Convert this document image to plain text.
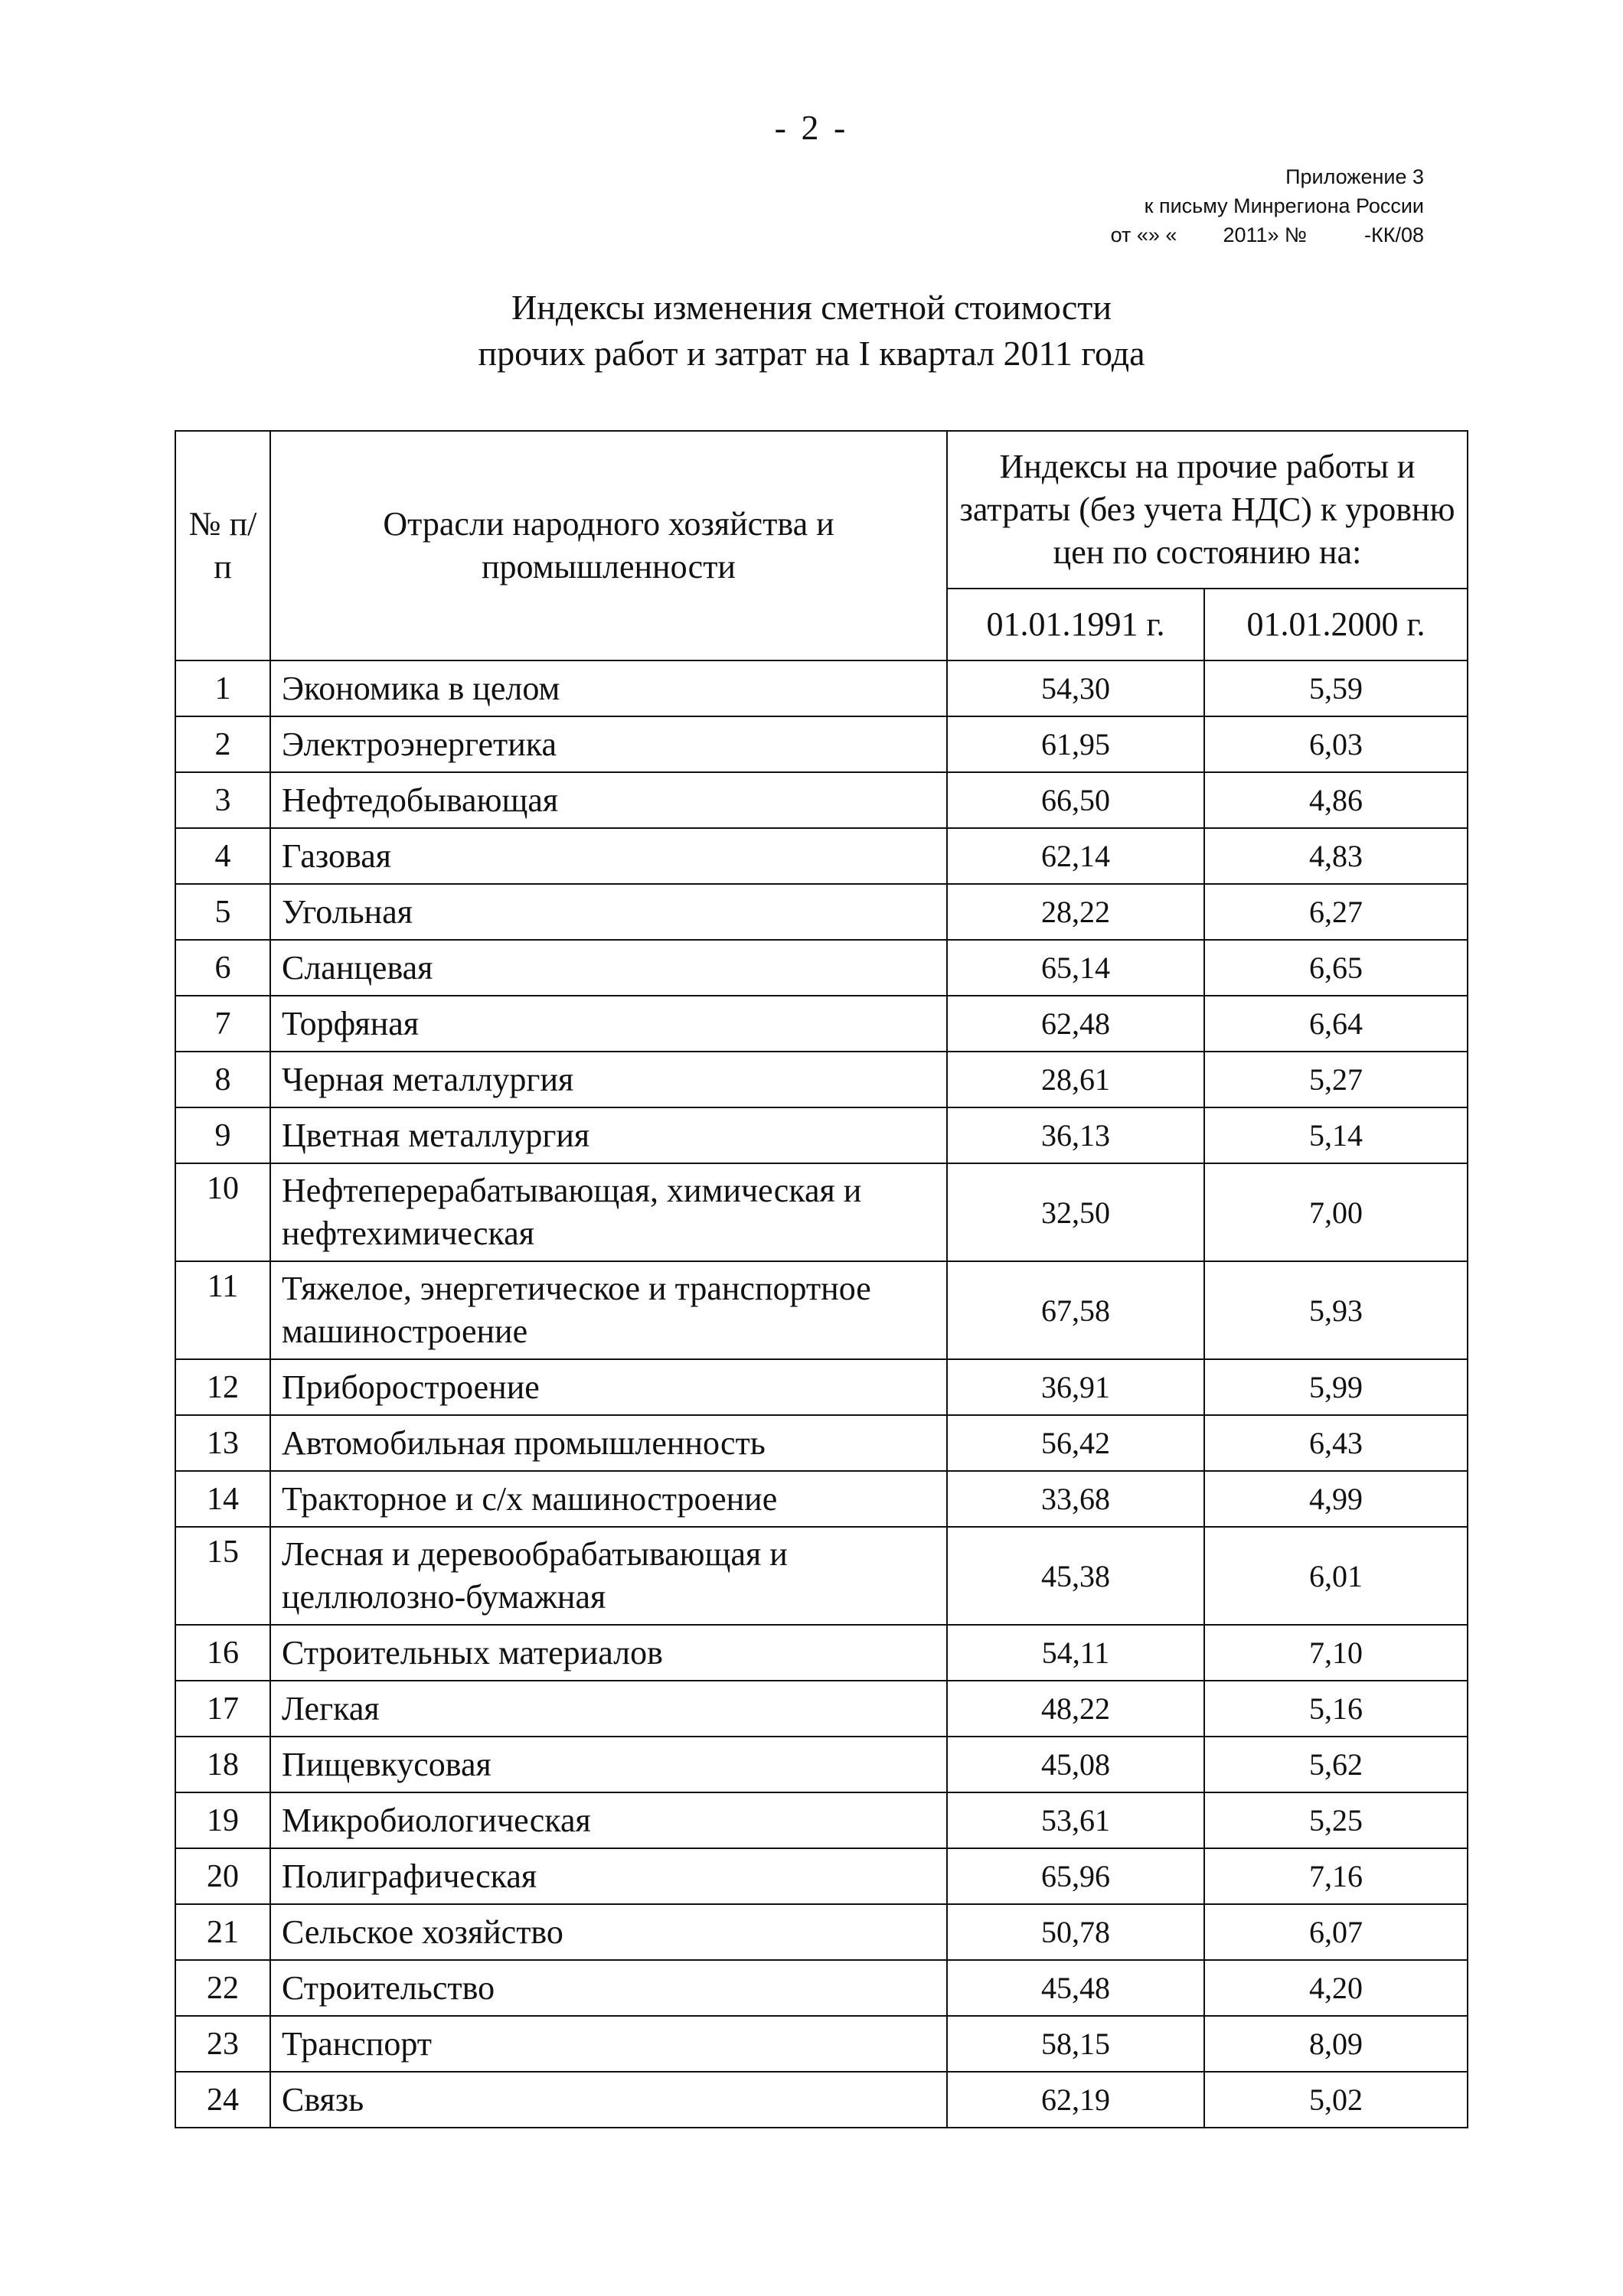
- 2 -
Приложение 3
к письму Минрегиона России
от «» «
2011» №
	-КК/08
Индексы изменения сметной стоимости
прочих работ и затрат на I квартал 2011 года
№ п/п	Отрасли народного хозяйства и промышленности	Индексы на прочие работы и затраты (без учета НДС) к уровню цен по состоянию на:	
		01.01.1991 г.	01.01.2000 г.
1	Экономика в целом	54,30	5,59
2	Электроэнергетика	61,95	6,03
3	Нефтедобывающая	66,50	4,86
4	Газовая	62,14	4,83
5	Угольная	28,22	6,27
6	Сланцевая	65,14	6,65
7	Торфяная	62,48	6,64
8	Черная металлургия	28,61	5,27
9	Цветная металлургия	36,13	5,14
10	Нефтеперерабатывающая, химическая и нефтехимическая	32,50	7,00
11	Тяжелое, энергетическое и транспортное машиностроение	67,58	5,93
12	Приборостроение	36,91	5,99
13	Автомобильная промышленность	56,42	6,43
14	Тракторное и с/х машиностроение	33,68	4,99
15	Лесная и деревообрабатывающая и целлюлозно-бумажная	45,38	6,01
16	Строительных материалов	54,11	7,10
17	Легкая	48,22	5,16
18	Пищевкусовая	45,08	5,62
19	Микробиологическая	53,61	5,25
20	Полиграфическая	65,96	7,16
21	Сельское хозяйство	50,78	6,07
22	Строительство	45,48	4,20
23	Транспорт	58,15	8,09
24	Связь	62,19	5,02
